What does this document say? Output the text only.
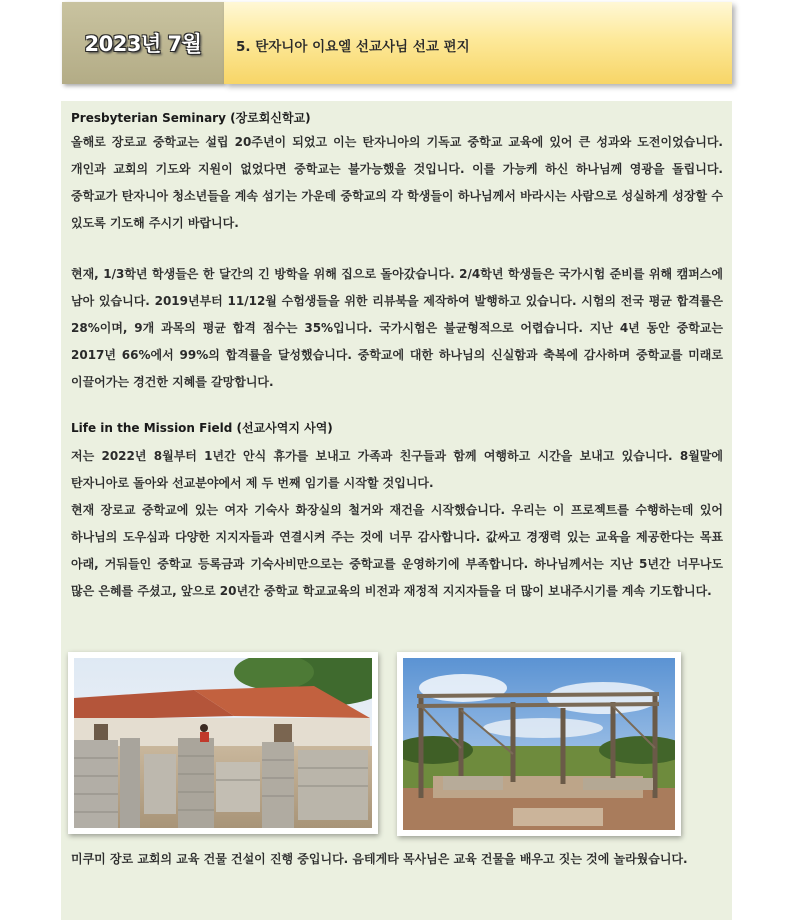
2023년 7월	5. 탄자니아 이요엘 선교사님 선교 편지
Presbyterian Seminary (장로회신학교)

올해로 장로교 중학교는 설립 20주년이 되었고 이는 탄자니아의 기독교 중학교 교육에 있어 큰 성과와 도전이었습니다. 개인과 교회의 기도와 지원이 없었다면 중학교는 불가능했을 것입니다. 이를 가능케 하신 하나님께 영광을 돌립니다. 중학교가 탄자니아 청소년들을 계속 섬기는 가운데 중학교의 각 학생들이 하나님께서 바라시는 사람으로 성실하게 성장할 수 있도록 기도해 주시기 바랍니다.

현재, 1/3학년 학생들은 한 달간의 긴 방학을 위해 집으로 돌아갔습니다. 2/4학년 학생들은 국가시험 준비를 위해 캠퍼스에 남아 있습니다. 2019년부터 11/12월 수험생들을 위한 리뷰북을 제작하여 발행하고 있습니다. 시험의 전국 평균 합격률은 28%이며, 9개 과목의 평균 합격 점수는 35%입니다. 국가시험은 불균형적으로 어렵습니다. 지난 4년 동안 중학교는 2017년 66%에서 99%의 합격률을 달성했습니다. 중학교에 대한 하나님의 신실함과 축복에 감사하며 중학교를 미래로 이끌어가는 경건한 지혜를 갈망합니다.

Life in the Mission Field (선교사역지 사역)

저는 2022년 8월부터 1년간 안식 휴가를 보내고 가족과 친구들과 함께 여행하고 시간을 보내고 있습니다. 8월말에 탄자니아로 돌아와 선교분야에서 제 두 번째 임기를 시작할 것입니다.

현재 장로교 중학교에 있는 여자 기숙사 화장실의 철거와 재건을 시작했습니다. 우리는 이 프로젝트를 수행하는데 있어 하나님의 도우심과 다양한 지지자들과 연결시켜 주는 것에 너무 감사합니다. 값싸고 경쟁력 있는 교육을 제공한다는 목표 아래, 거둬들인 중학교 등록금과 기숙사비만으로는 중학교를 운영하기에 부족합니다. 하나님께서는 지난 5년간 너무나도 많은 은혜를 주셨고, 앞으로 20년간 중학교 학교교육의 비전과 재정적 지지자들을 더 많이 보내주시기를 계속 기도합니다.

미쿠미 장로 교회의 교육 건물 건설이 진행 중입니다. 음테게타 목사님은 교육 건물을 배우고 짓는 것에 놀라웠습니다.
